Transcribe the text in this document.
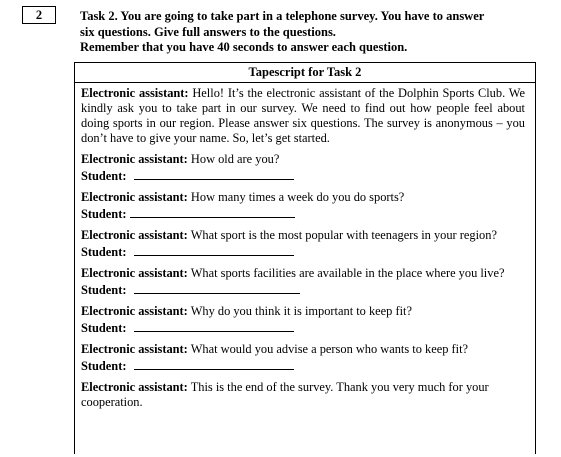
2	Task 2. You are going to take part in a telephone survey. You have to answer
six questions. Give full answers to the questions.
Remember that you have 40 seconds to answer each question.
Tapescript for Task 2
Electronic assistant: Hello! It’s the electronic assistant of the Dolphin Sports Club. We kindly ask you to take part in our survey. We need to find out how people feel about doing sports in our region. Please answer six questions. The survey is anonymous – you don’t have to give your name. So, let’s get started.
Electronic assistant: How old are you?
Student:
Electronic assistant: How many times a week do you do sports?
Student:
Electronic assistant: What sport is the most popular with teenagers in your region?
Student:
Electronic assistant: What sports facilities are available in the place where you live?
Student:
Electronic assistant: Why do you think it is important to keep fit?
Student:
Electronic assistant: What would you advise a person who wants to keep fit?
Student:
Electronic assistant: This is the end of the survey. Thank you very much for your cooperation.
